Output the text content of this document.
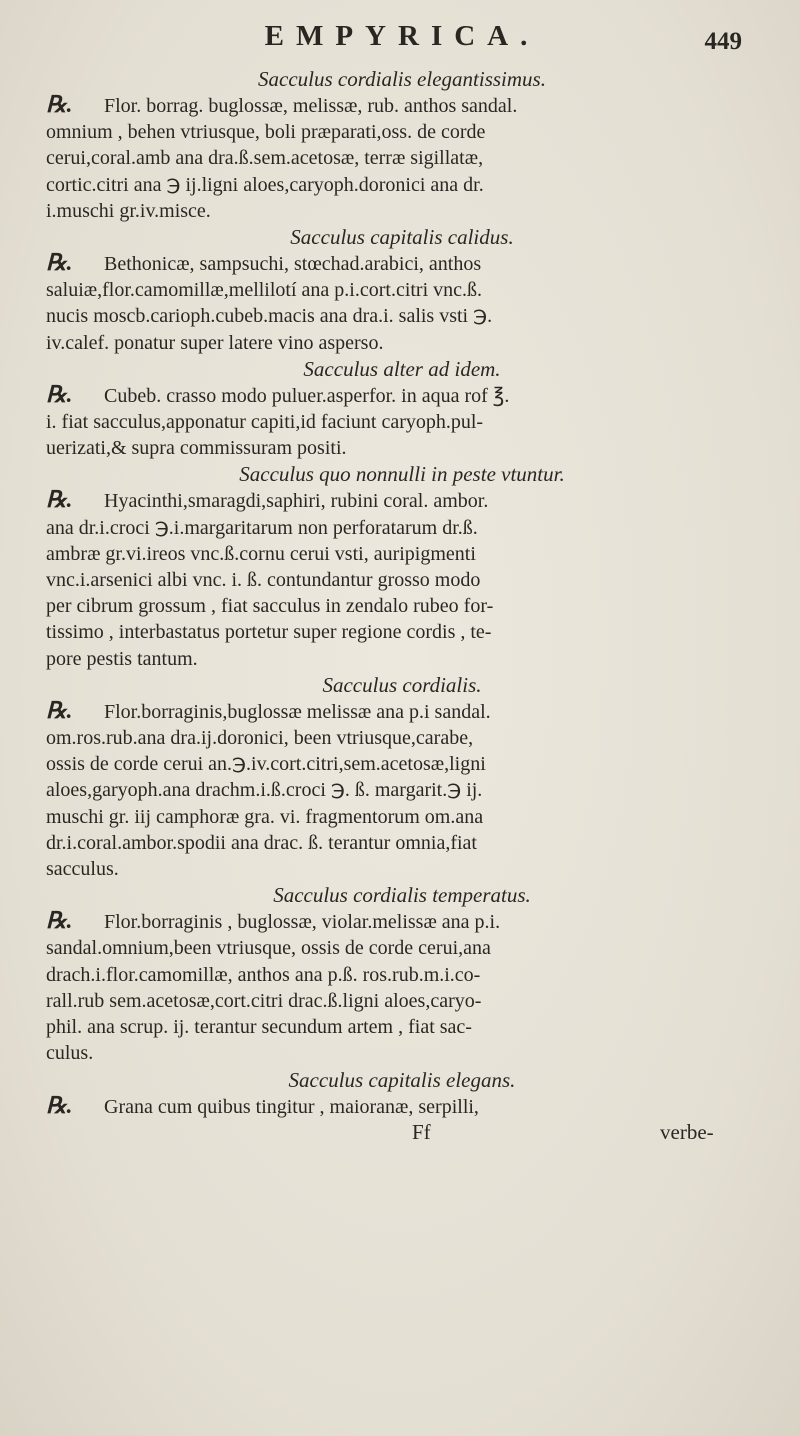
EMPYRICA.	449

Sacculus cordialis elegantissimus.

℞. Flor. borrag. buglossæ, melissæ, rub. anthos sandal.
omnium , behen vtriusque, boli præparati,oss. de corde
cerui,coral.amb ana dra.ß.sem.acetosæ, terræ sigillatæ,
cortic.citri ana ℈ ij.ligni aloes,caryoph.doronici ana dr.
i.muschi gr.iv.misce.

Sacculus capitalis calidus.

℞. Bethonicæ, sampsuchi, stœchad.arabici, anthos
saluiæ,flor.camomillæ,mellilotí ana p.i.cort.citri vnc.ß.
nucis moscb.carioph.cubeb.macis ana dra.i. salis vsti ℈.
iv.calef. ponatur super latere vino aspersо.

Sacculus alter ad idem.

℞. Cubeb. crasso modo puluer.asperfor. in aqua rof ℥.
i. fiat sacculus,apponatur capiti,id faciunt caryoph.pul-
uerizati,& supra commissuram positi.

Sacculus quo nonnulli in peste vtuntur.

℞. Hyacinthi,smaragdi,saphiri, rubini coral. ambor.
ana dr.i.croci ℈.i.margaritarum non perforatarum dr.ß.
ambræ gr.vi.ireos vnc.ß.cornu cerui vsti, auripigmenti
vnc.i.arsenici albi vnc. i. ß. contundantur grosso modo
per cibrum grossum , fiat sacculus in zendalo rubeo for-
tissimo , interbastatus portetur super regione cordis , te-
pore pestis tantum.

Sacculus cordialis.

℞. Flor.borraginis,buglossæ melissæ ana p.i sandal.
om.ros.rub.ana dra.ij.doronici, been vtriusque,carabe,
ossis de corde cerui an.℈.iv.cort.citri,sem.acetosæ,ligni
aloes,garyoph.ana drachm.i.ß.croci ℈. ß. margarit.℈ ij.
muschi gr. iij camphoræ gra. vi. fragmentorum om.ana
dr.i.coral.ambor.spodii ana drac. ß. terantur omnia,fiat
sacculus.

Sacculus cordialis temperatus.

℞. Flor.borraginis , buglossæ, violar.melissæ ana p.i.
sandal.omnium,been vtriusque, ossis de corde cerui,ana
drach.i.flor.camomillæ, anthos ana p.ß. ros.rub.m.i.co-
rall.rub sem.acetosæ,cort.citri drac.ß.ligni aloes,caryo-
phil. ana scrup. ij. terantur secundum artem , fiat sac-
culus.

Sacculus capitalis elegans.

℞. Grana cum quibus tingitur , maioranæ, serpilli,

Ff	verbe-
